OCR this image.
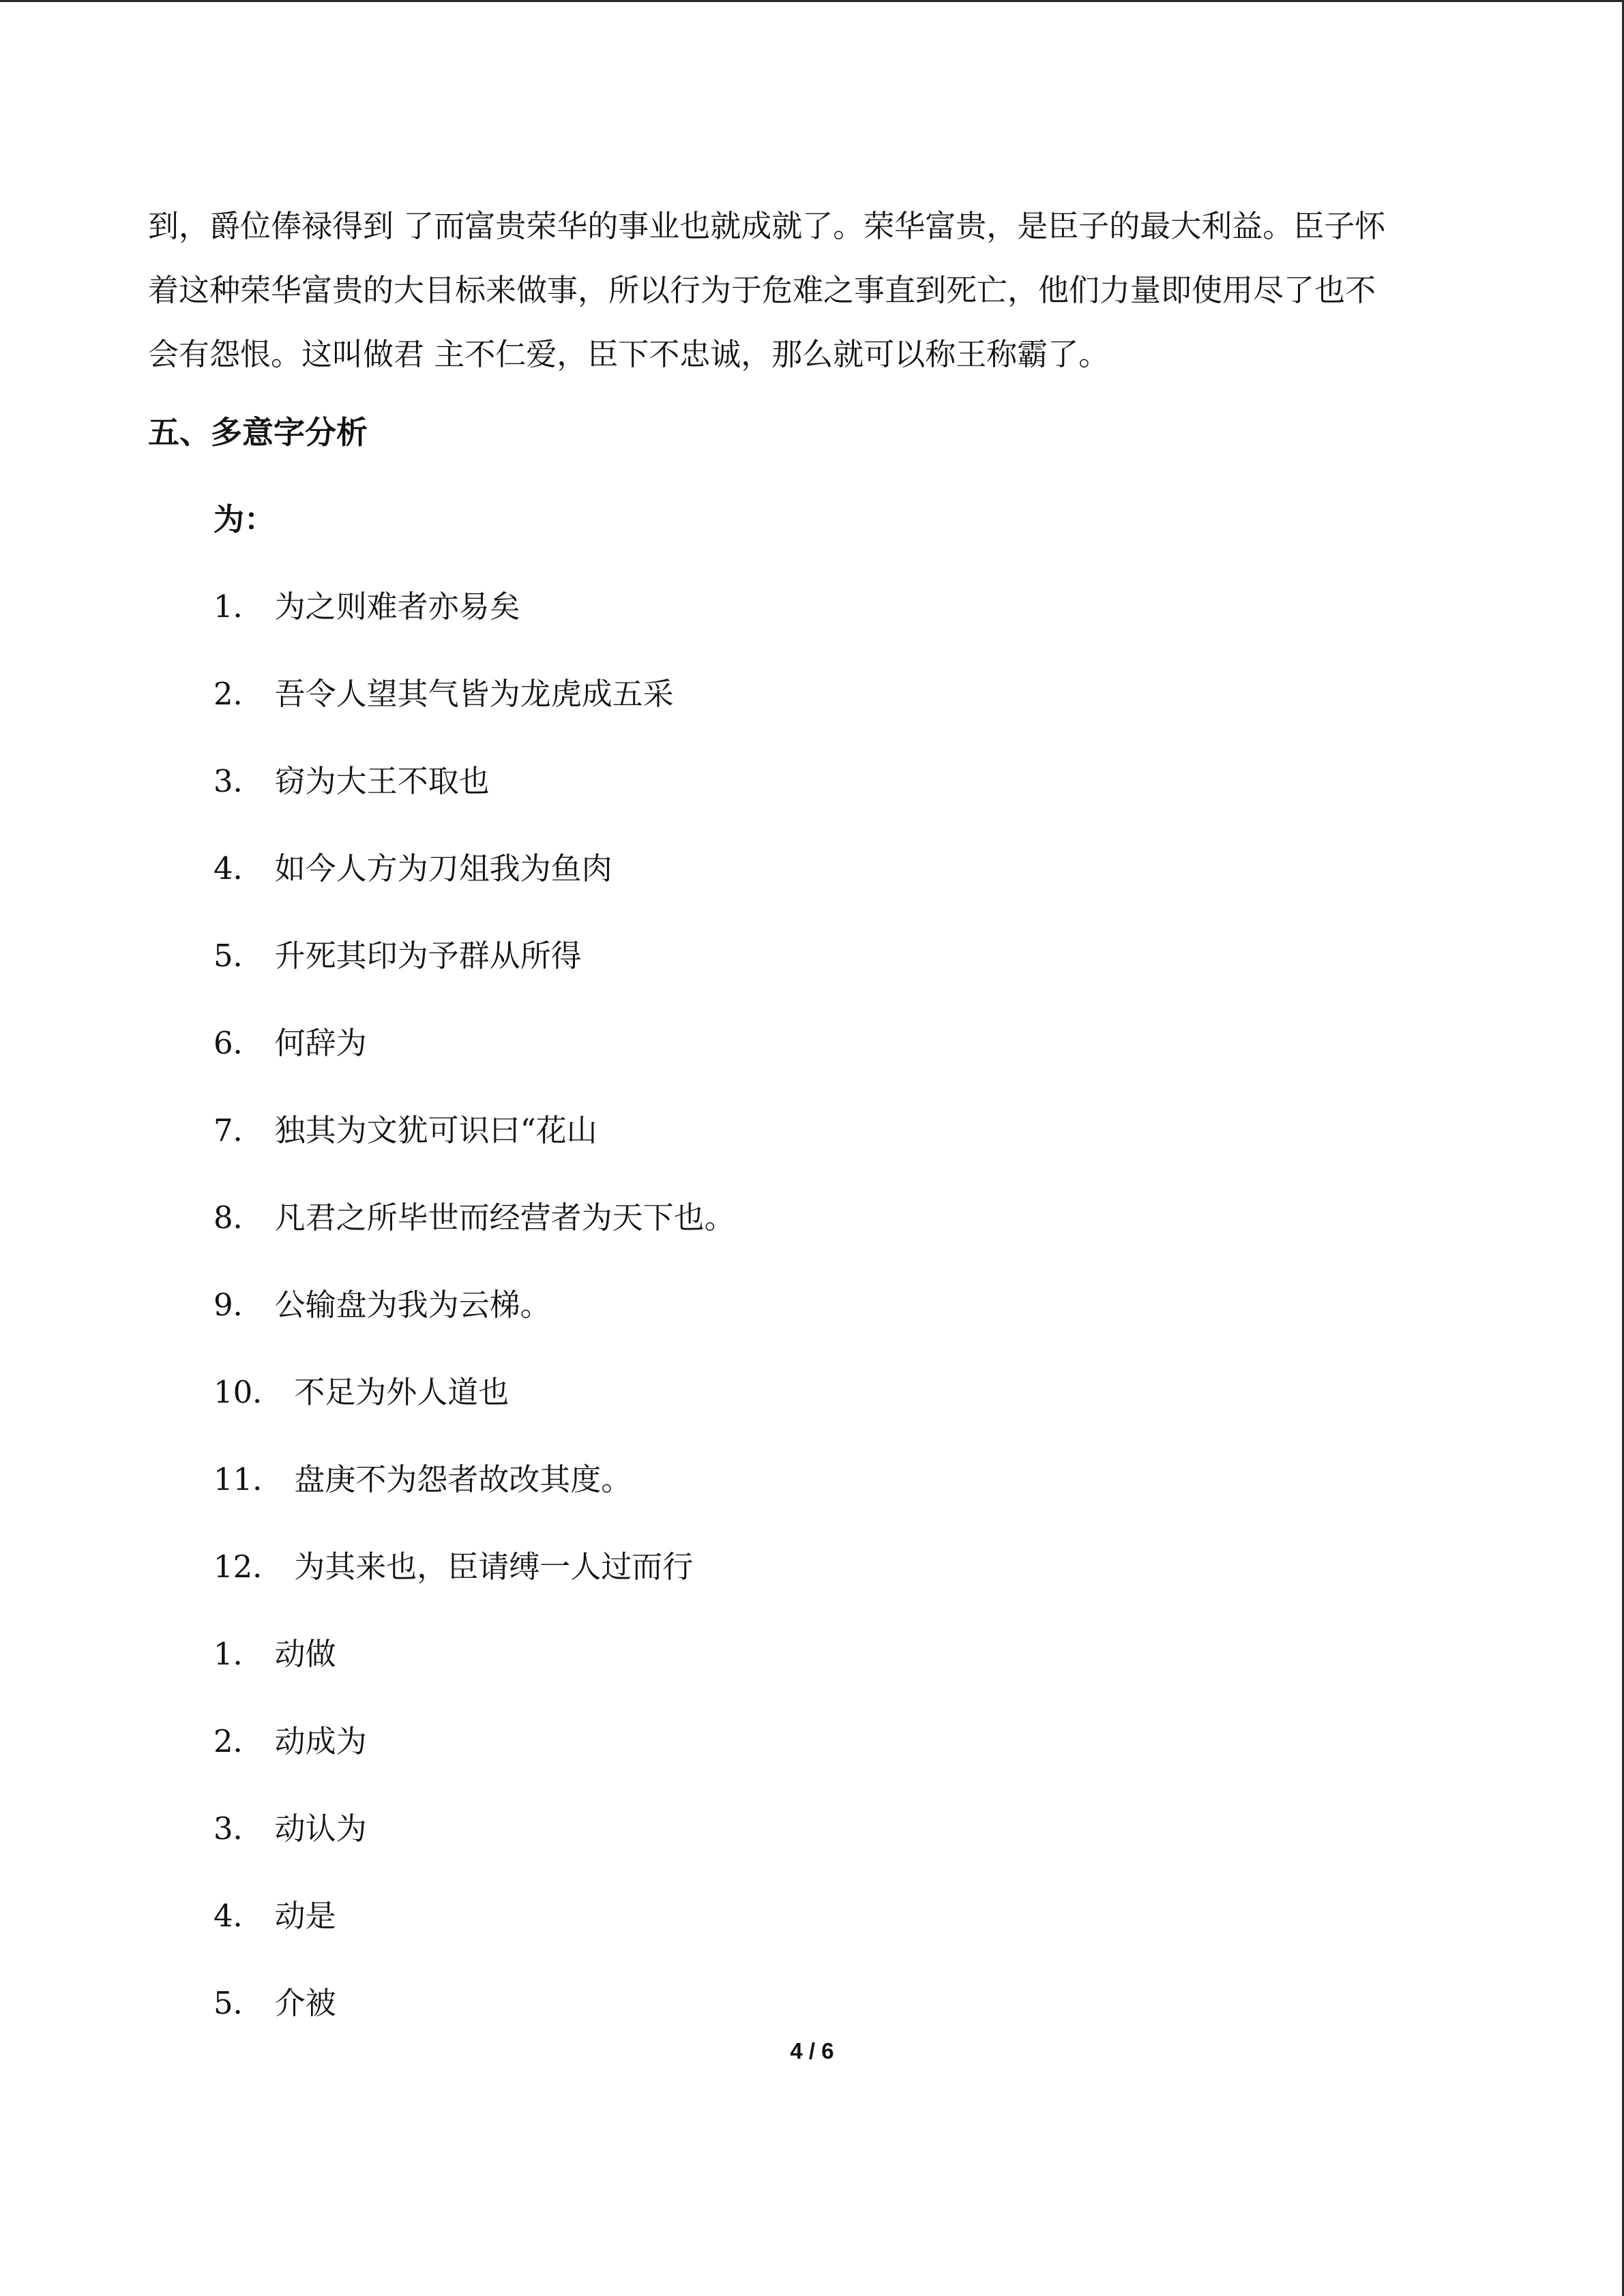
到，爵位俸禄得到 了而富贵荣华的事业也就成就了。荣华富贵，是臣子的最大利益。臣子怀

着这种荣华富贵的大目标来做事，所以行为于危难之事直到死亡，他们力量即使用尽了也不

会有怨恨。这叫做君 主不仁爱，臣下不忠诚，那么就可以称王称霸了。

五、多意字分析
为：
1． 为之则难者亦易矣
2． 吾令人望其气皆为龙虎成五采
3． 窃为大王不取也
4． 如今人方为刀俎我为鱼肉
5． 升死其印为予群从所得
6． 何辞为
7． 独其为文犹可识曰“花山
8． 凡君之所毕世而经营者为天下也。
9． 公输盘为我为云梯。
10． 不足为外人道也
11． 盘庚不为怨者故改其度。
12． 为其来也，臣请缚一人过而行
1． 动做
2． 动成为
3． 动认为
4． 动是
5． 介被
4 / 6
